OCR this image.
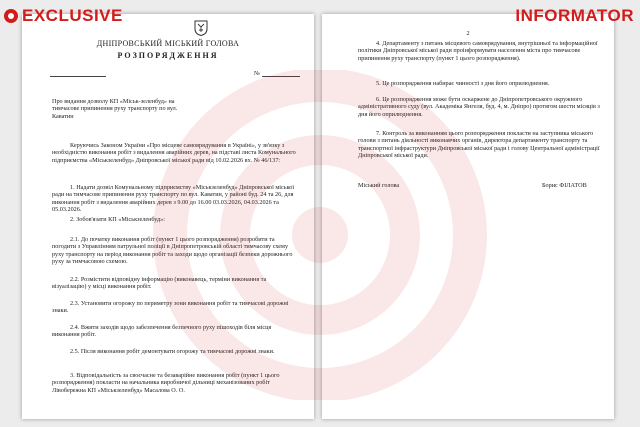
ДНІПРОВСЬКИЙ МІСЬКИЙ ГОЛОВА
РОЗПОРЯДЖЕННЯ
№
Про видання дозволу КП «Міськ-зеленбуд» на тимчасове припинення руху транспорту по вул. Каватин
Керуючись Законом України «Про місцеве самоврядування в Україні», у зв'язку з необхідністю виконання робіт з видалення аварійних дерев, на підставі листа Комунального підприємства «Міськзеленбуд» Дніпровської міської ради від 10.02.2026 вх. № 46/137:
1. Надати дозвіл Комунальному підприємству «Міськзеленбуд» Дніпровської міської ради на тимчасове припинення руху транспорту по вул. Каватин, у районі буд. 24 та 26, для виконання робіт з видалення аварійних дерев з 9.00 до 16.00 03.03.2026, 04.03.2026 та 05.03.2026.
2. Зобов'язати КП «Міськзеленбуд»:
2.1. До початку виконання робіт (пункт 1 цього розпорядження) розробити та погодити з Управлінням патрульної поліції в Дніпропетровській області тимчасову схему руху транспорту на період виконання робіт та заходи щодо організації безпеки дорожнього руху за тимчасовою схемою.
2.2. Розмістити відповідну інформацію (виконавець, терміни виконання та візуалізацію) у місці виконання робіт.
2.3. Установити огорожу по периметру зони виконання робіт та тимчасові дорожні знаки.
2.4. Вжити заходів щодо забезпечення безпечного руху пішоходів біля місця виконання робіт.
2.5. Після виконання робіт демонтувати огорожу та тимчасові дорожні знаки.
3. Відповідальність за своєчасне та безаварійне виконання робіт (пункт 1 цього розпорядження) покласти на начальника виробничої дільниці механізованих робіт Лівобережна КП «Міськзеленбуд» Масалова О. О.
2
4. Департаменту з питань місцевого самоврядування, внутрішньої та інформаційної політики Дніпровської міської ради проінформувати населення міста про тимчасове припинення руху транспорту (пункт 1 цього розпорядження).
5. Це розпорядження набирає чинності з дня його оприлюднення.
6. Це розпорядження може бути оскаржене до Дніпропетровського окружного адміністративного суду (вул. Академіка Янгеля, буд. 4, м. Дніпро) протягом шести місяців з дня його оприлюднення.
7. Контроль за виконанням цього розпорядження покласти на заступника міського голови з питань діяльності виконавчих органів, директора департаменту транспорту та транспортної інфраструктури Дніпровської міської ради і голову Центральної адміністрації Дніпровської міської ради.
Міський голова	Борис ФІЛАТОВ
EXCLUSIVE	INFORMATOR
